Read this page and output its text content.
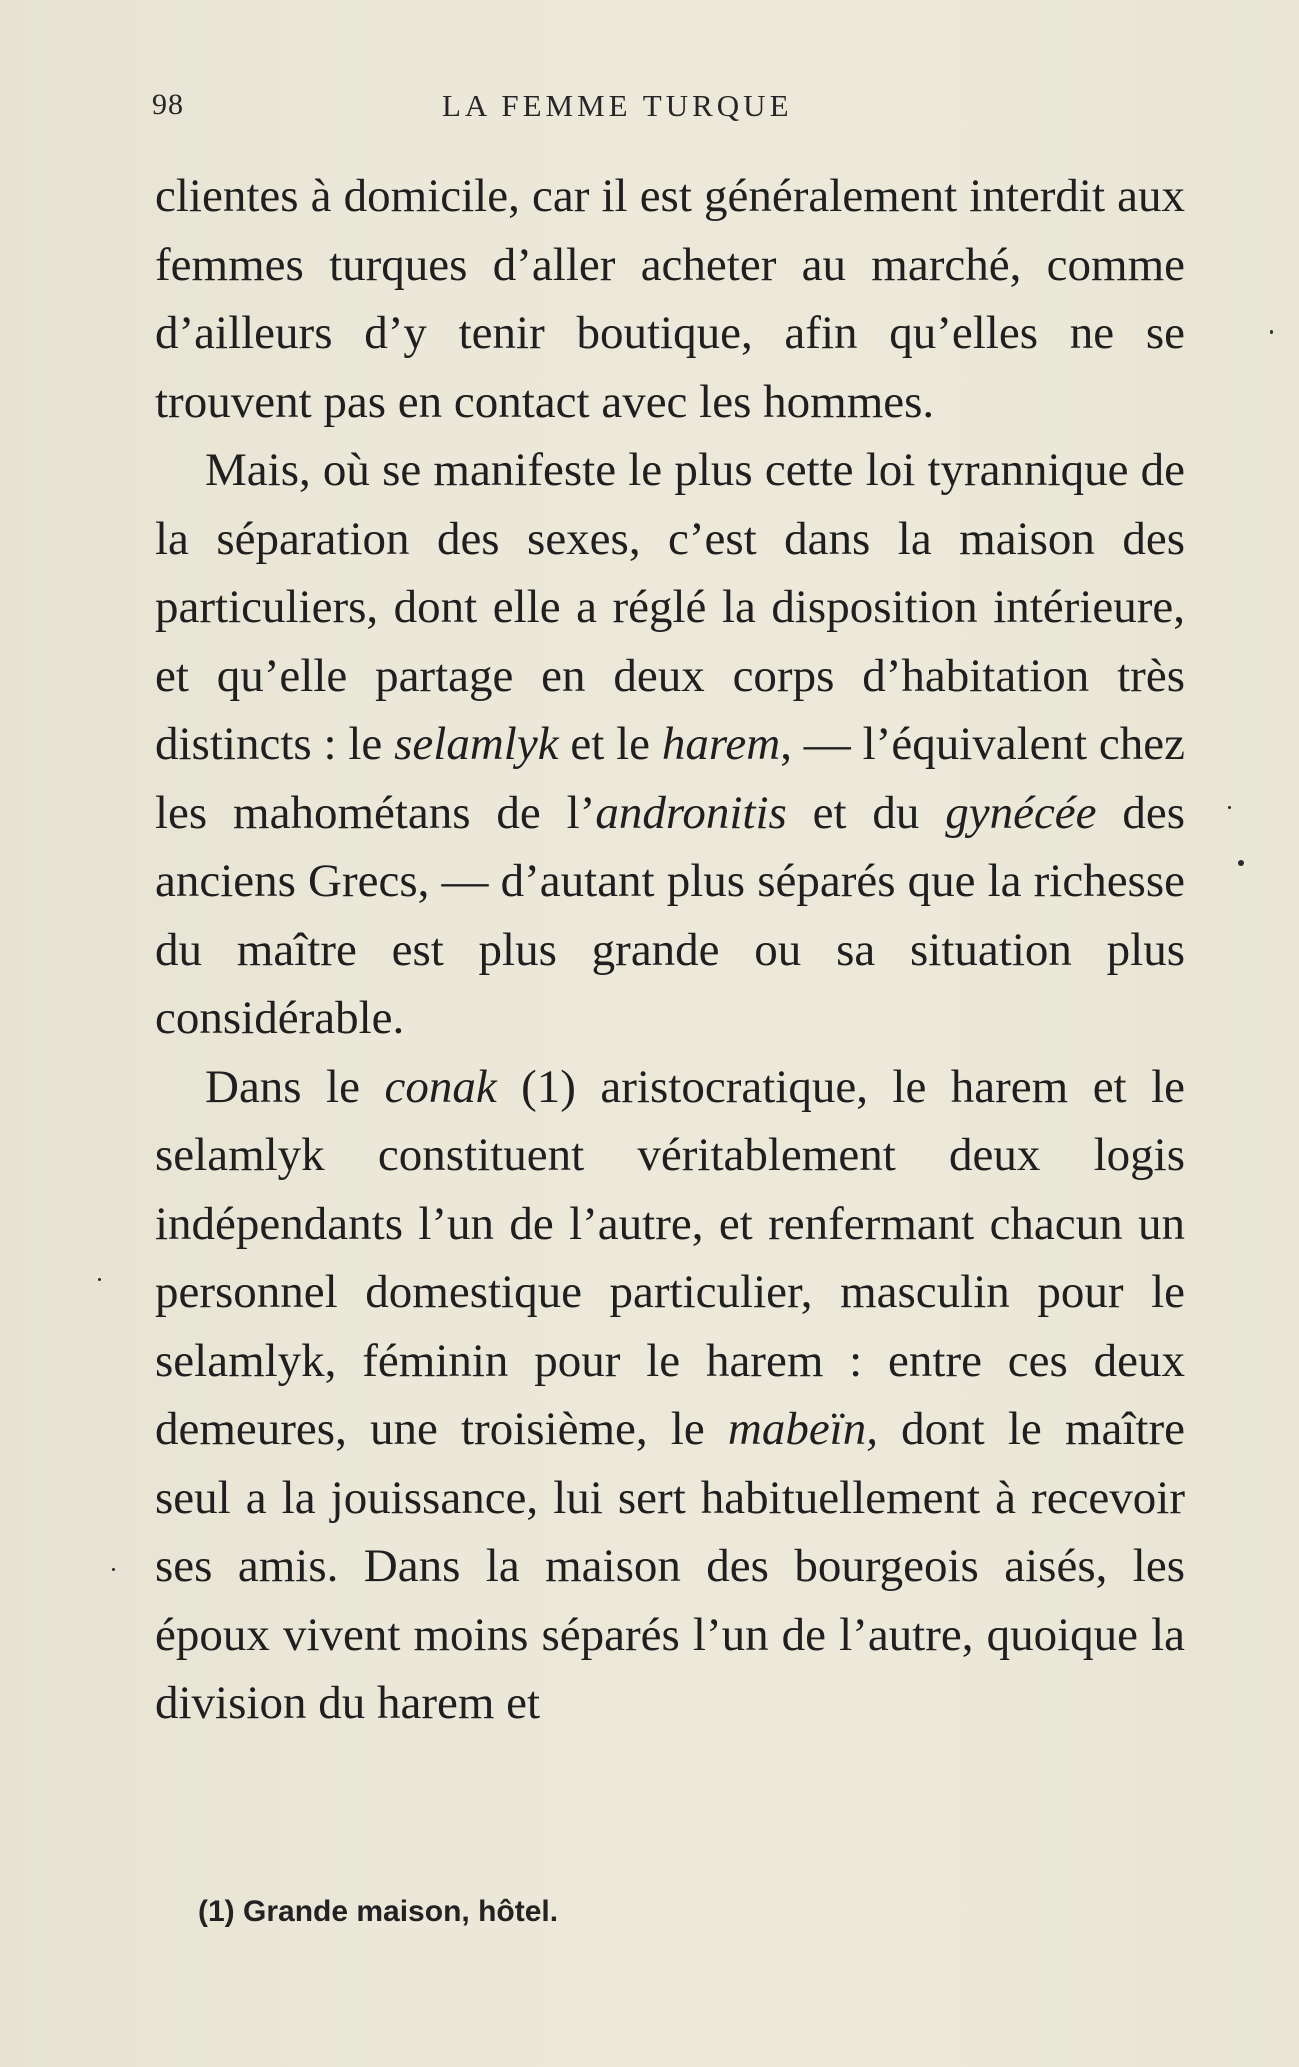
98	LA FEMME TURQUE

clientes à domicile, car il est généralement interdit aux femmes turques d’aller acheter au marché, comme d’ailleurs d’y tenir boutique, afin qu’elles ne se trouvent pas en contact avec les hommes.

Mais, où se manifeste le plus cette loi tyrannique de la séparation des sexes, c’est dans la maison des particuliers, dont elle a réglé la disposition intérieure, et qu’elle partage en deux corps d’habitation très distincts : le selamlyk et le harem, — l’équivalent chez les mahométans de l’andronitis et du gynécée des anciens Grecs, — d’autant plus séparés que la richesse du maître est plus grande ou sa situation plus considérable.

Dans le conak (1) aristocratique, le harem et le selamlyk constituent véritablement deux logis indépendants l’un de l’autre, et renfermant chacun un personnel domestique particulier, masculin pour le selamlyk, féminin pour le harem : entre ces deux demeures, une troisième, le mabeïn, dont le maître seul a la jouissance, lui sert habituellement à recevoir ses amis. Dans la maison des bourgeois aisés, les époux vivent moins séparés l’un de l’autre, quoique la division du harem et

(1) Grande maison, hôtel.
